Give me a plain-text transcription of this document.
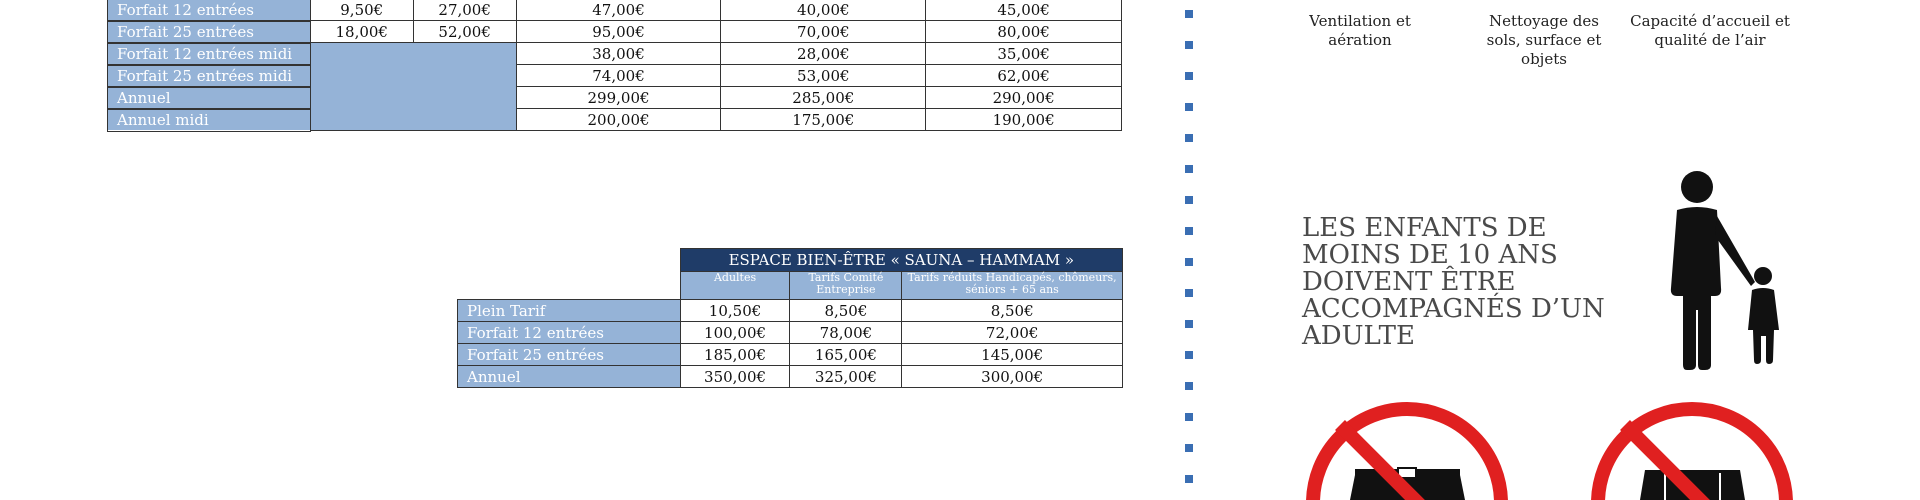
Forfait 12 entrées	9,50€	27,00€	47,00€	40,00€	45,00€
Forfait 25 entrées	18,00€	52,00€	95,00€	70,00€	80,00€
Forfait 12 entrées midi			38,00€	28,00€	35,00€
Forfait 25 entrées midi			74,00€	53,00€	62,00€
Annuel			299,00€	285,00€	290,00€
Annuel midi			200,00€	175,00€	190,00€
	ESPACE BIEN-ÊTRE « SAUNA – HAMMAM »		
	Adultes	Tarifs Comité Entreprise	Tarifs réduits Handicapés, chômeurs, séniors + 65 ans
Plein Tarif	10,50€	8,50€	8,50€
Forfait 12 entrées	100,00€	78,00€	72,00€
Forfait 25 entrées	185,00€	165,00€	145,00€
Annuel	350,00€	325,00€	300,00€
Ventilation et aération
Nettoyage des sols, surface et objets
Capacité d’accueil et qualité de l’air
LES ENFANTS DE MOINS DE 10 ANS DOIVENT ÊTRE ACCOMPAGNÉS D’UN ADULTE
